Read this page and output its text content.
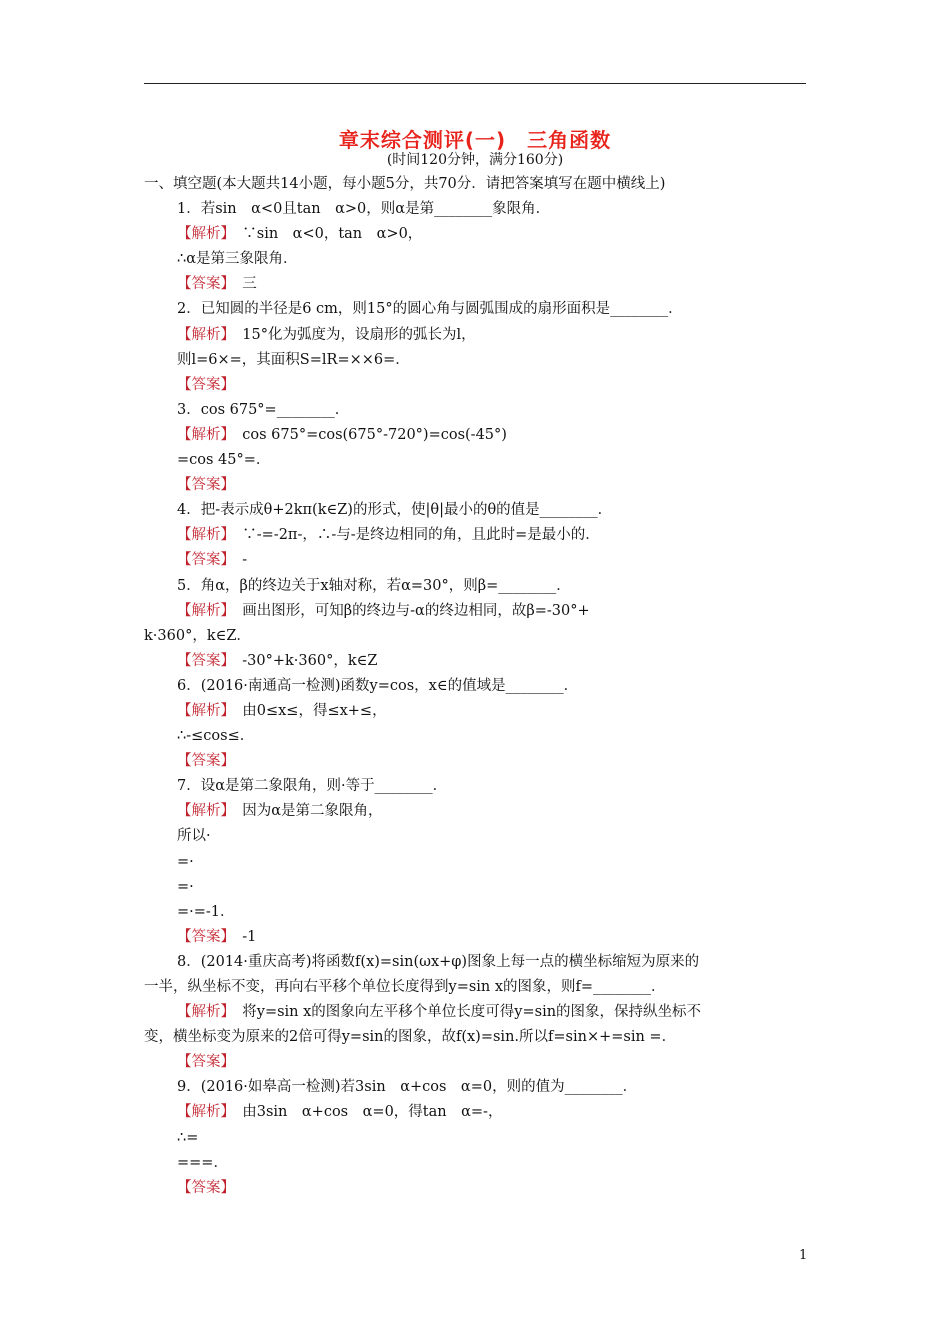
章末综合测评(一)　三角函数
(时间120分钟，满分160分)
一、填空题(本大题共14小题，每小题5分，共70分．请把答案填写在题中横线上)
1．若sin　α<0且tan　α>0，则α是第________象限角．
【解析】　∵sin　α<0，tan　α>0，
∴α是第三象限角．
【答案】　三
2．已知圆的半径是6 cm，则15°的圆心角与圆弧围成的扇形面积是________．
【解析】　15°化为弧度为，设扇形的弧长为l，
则l=6×=，其面积S=lR=××6=．
【答案】
3．cos 675°=________．
【解析】　cos 675°=cos(675°-720°)=cos(-45°)
=cos 45°=．
【答案】
4．把-表示成θ+2kπ(k∈Z)的形式，使|θ|最小的θ的值是________．
【解析】　∵-=-2π-，∴-与-是终边相同的角，且此时=是最小的．
【答案】　-
5．角α，β的终边关于x轴对称，若α=30°，则β=________．
【解析】　画出图形，可知β的终边与-α的终边相同，故β=-30°+
k·360°，k∈Z．
【答案】　-30°+k·360°，k∈Z
6．(2016·南通高一检测)函数y=cos，x∈的值域是________．
【解析】　由0≤x≤，得≤x+≤，
∴-≤cos≤．
【答案】
7．设α是第二象限角，则·等于________．
【解析】　因为α是第二象限角，
所以·
=·
=·
=·=-1．
【答案】　-1
8．(2014·重庆高考)将函数f(x)=sin(ωx+φ)图象上每一点的横坐标缩短为原来的
一半，纵坐标不变，再向右平移个单位长度得到y=sin x的图象，则f=________．
【解析】　将y=sin x的图象向左平移个单位长度可得y=sin的图象，保持纵坐标不
变，横坐标变为原来的2倍可得y=sin的图象，故f(x)=sin.所以f=sin×+=sin =．
【答案】
9．(2016·如皋高一检测)若3sin　α+cos　α=0，则的值为________．
【解析】　由3sin　α+cos　α=0，得tan　α=-，
∴=
===．
【答案】
1
